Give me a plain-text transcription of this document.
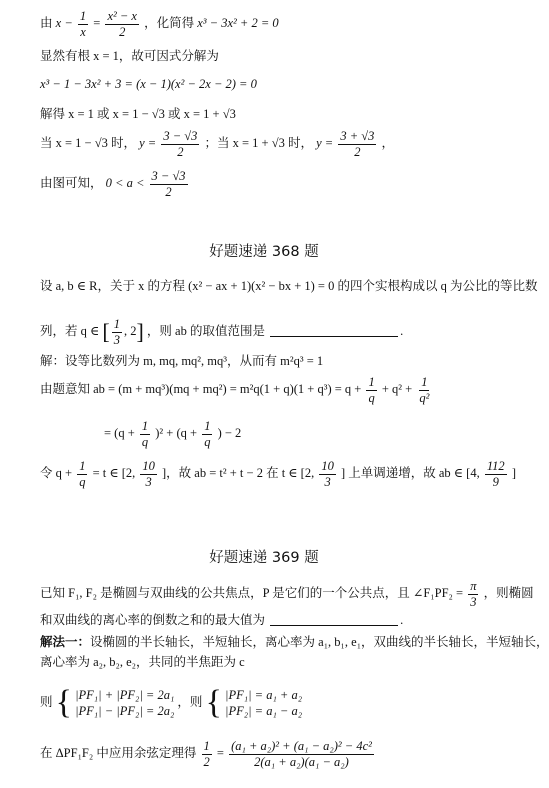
由 $x - \frac{1}{x} = \frac{\text{x² − x}}{2}$ ，化简得 x³ − 3x² + 2 = 0
显然有根 x = 1，故可因式分解为
x³ − 1 − 3x² + 3 = (x − 1)(x² − 2x − 2) = 0
解得 x = 1 或 x = 1 − √3 或 x = 1 + √3
当 x = 1 − √3 时， $y = \frac{3 - √3}{2}$ ；当 x = 1 + √3 时， $y = \frac{3 + √3}{2}$ ，
由图可知， $0 < a < \frac{3 - √3}{2}$
好题速递 368 题
设 a, b ∈ R，关于 x 的方程 (x² − ax + 1)(x² − bx + 1) = 0 的四个实根构成以 q 为公比的等比数
列，若 q ∈ [ $\frac{1}{3}$ , 2] ，则 ab 的取值范围是	.
解：设等比数列为 m, mq, mq², mq³，从而有 m²q³ = 1
由题意知 ab = $(m + mq^3)(mq + mq^2) = m^2q(1 + q)(1 + q^3) = q + \frac{1}{q} + q^2 + \frac{1}{\text{q²}}$
= $(q + \frac{1}{q} )^2 + (q + \frac{1}{q}$ ) − 2
令 $q + \frac{1}{q} = t$ ∈ [2, $\frac{10}{3}$ ]，故 ab = t² + t − 2 在 t ∈ [2, $\frac{10}{3}$ ] 上单调递增，故 ab ∈ [4, $\frac{112}{9}$ ]
好题速递 369 题
已知 F₁, F₂ 是椭圆与双曲线的公共焦点，P 是它们的一个公共点，且 ∠F₁PF₂ = $\frac{\pi}{3}$ ，则椭圆
和双曲线的离心率的倒数之和的最大值为	.
解法一：设椭圆的半长轴长，半短轴长，离心率为 a₁, b₁, e₁，双曲线的半长轴长，半短轴长，
离心率为 a₂, b₂, e₂，共同的半焦距为 c
则 { |PF₁| + |PF₂| = 2a₁
|PF₁| − |PF₂| = 2a₂
，则 { |PF₁| = a₁ + a₂
|PF₂| = a₁ − a₂
在 ΔPF₁F₂ 中应用余弦定理得 $\frac{1}{2} = \frac{\text{(a₁ + a₂)² + (a₁ − a₂)² − 4c²}}{\text{2(a₁ + a₂)(a₁ − a₂)}}$
